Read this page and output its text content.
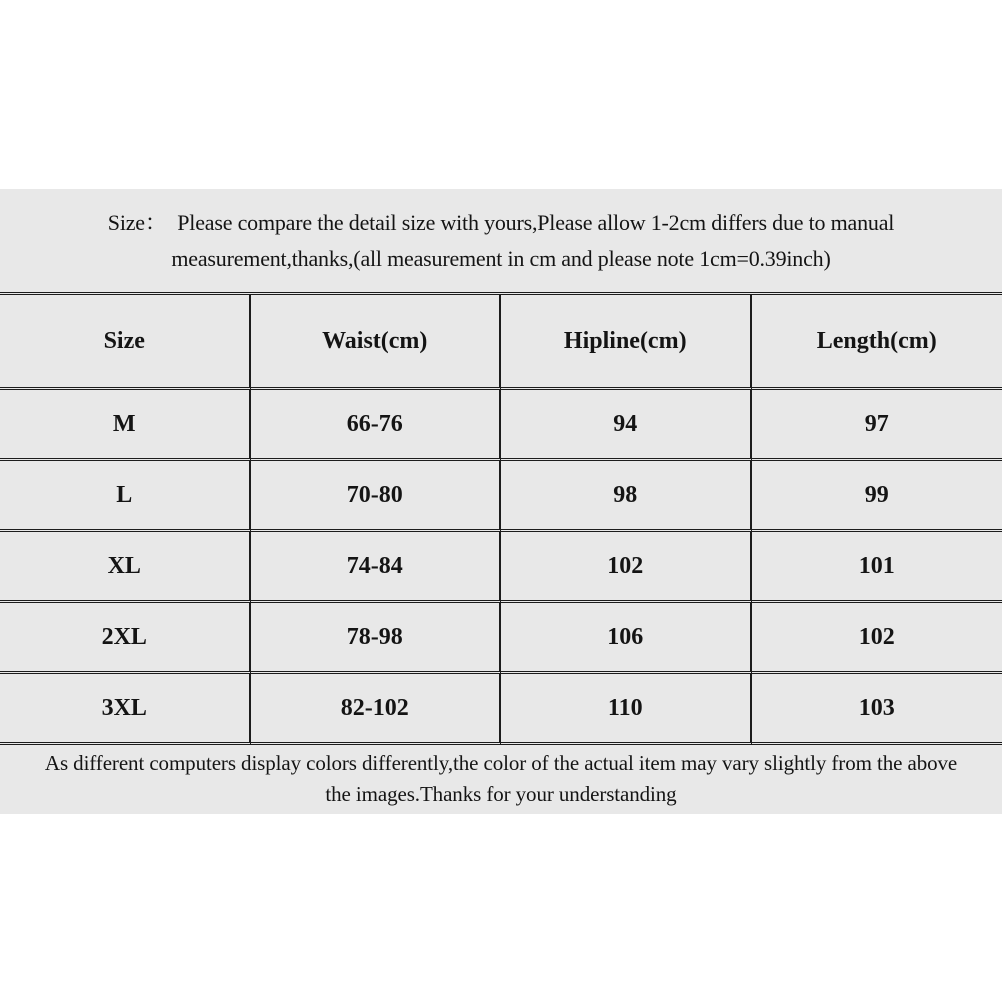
Size：  Please compare the detail size with yours,Please allow 1-2cm differs due to manual

measurement,thanks,(all measurement in cm and please note 1cm=0.39inch)

Size	Waist(cm)	Hipline(cm)	Length(cm)
M	66-76	94	97
L	70-80	98	99
XL	74-84	102	101
2XL	78-98	106	102
3XL	82-102	110	103

As different computers display colors differently,the color of the actual item may vary slightly from the above

the images.Thanks for your understanding
